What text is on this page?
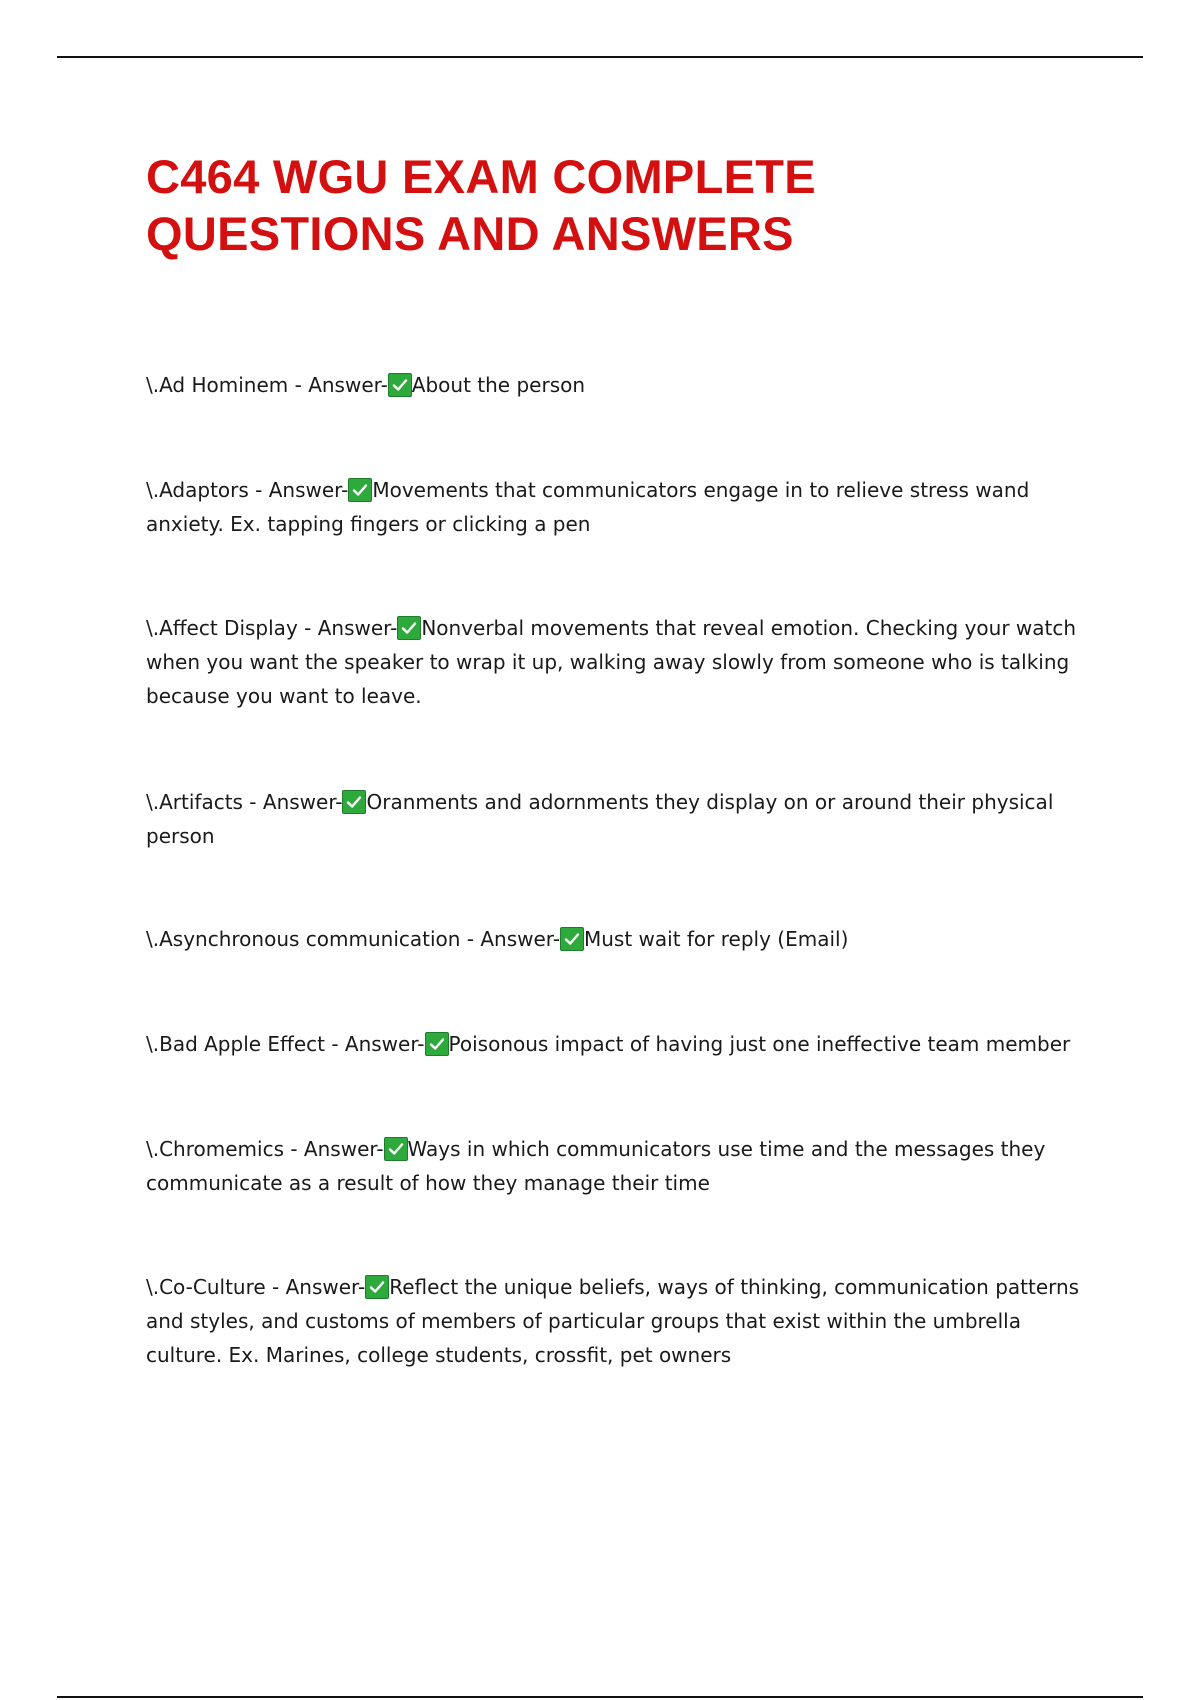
C464 WGU EXAM COMPLETE
QUESTIONS AND ANSWERS

\.Ad Hominem - Answer- About the person

\.Adaptors - Answer- Movements that communicators engage in to relieve stress wand anxiety. Ex. tapping fingers or clicking a pen

\.Affect Display - Answer- Nonverbal movements that reveal emotion. Checking your watch when you want the speaker to wrap it up, walking away slowly from someone who is talking because you want to leave.

\.Artifacts - Answer- Oranments and adornments they display on or around their physical person

\.Asynchronous communication - Answer- Must wait for reply (Email)

\.Bad Apple Effect - Answer- Poisonous impact of having just one ineffective team member

\.Chromemics - Answer- Ways in which communicators use time and the messages they communicate as a result of how they manage their time

\.Co-Culture - Answer- Reflect the unique beliefs, ways of thinking, communication patterns and styles, and customs of members of particular groups that exist within the umbrella culture. Ex. Marines, college students, crossfit, pet owners
